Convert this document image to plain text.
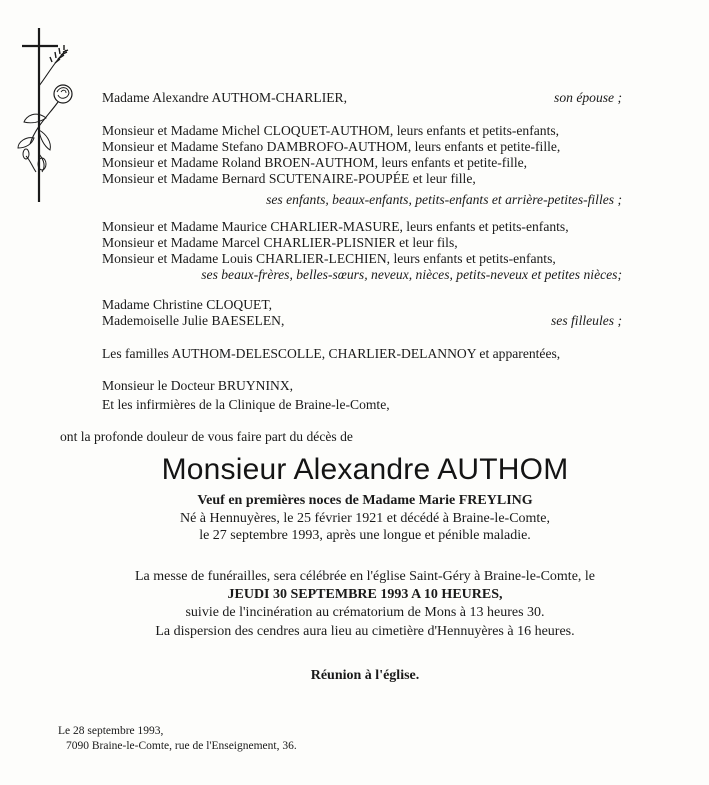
Madame Alexandre AUTHOM-CHARLIER,	son épouse ;
Monsieur et Madame Michel CLOQUET-AUTHOM, leurs enfants et petits-enfants,
Monsieur et Madame Stefano DAMBROFO-AUTHOM, leurs enfants et petite-fille,
Monsieur et Madame Roland BROEN-AUTHOM, leurs enfants et petite-fille,
Monsieur et Madame Bernard SCUTENAIRE-POUPÉE et leur fille,
ses enfants, beaux-enfants, petits-enfants et arrière-petites-filles ;
Monsieur et Madame Maurice CHARLIER-MASURE, leurs enfants et petits-enfants,
Monsieur et Madame Marcel CHARLIER-PLISNIER et leur fils,
Monsieur et Madame Louis CHARLIER-LECHIEN, leurs enfants et petits-enfants,
ses beaux-frères, belles-sœurs, neveux, nièces, petits-neveux et petites nièces;
Madame Christine CLOQUET,
Mademoiselle Julie BAESELEN,	ses filleules ;
Les familles AUTHOM-DELESCOLLE, CHARLIER-DELANNOY et apparentées,
Monsieur le Docteur BRUYNINX,
Et les infirmières de la Clinique de Braine-le-Comte,
ont la profonde douleur de vous faire part du décès de
Monsieur Alexandre AUTHOM
Veuf en premières noces de Madame Marie FREYLING
Né à Hennuyères, le 25 février 1921 et décédé à Braine-le-Comte,
le 27 septembre 1993, après une longue et pénible maladie.
La messe de funérailles, sera célébrée en l'église Saint-Géry à Braine-le-Comte, le
JEUDI 30 SEPTEMBRE 1993 A 10 HEURES,
suivie de l'incinération au crématorium de Mons à 13 heures 30.
La dispersion des cendres aura lieu au cimetière d'Hennuyères à 16 heures.
Réunion à l'église.
Le 28 septembre 1993,
7090 Braine-le-Comte, rue de l'Enseignement, 36.
